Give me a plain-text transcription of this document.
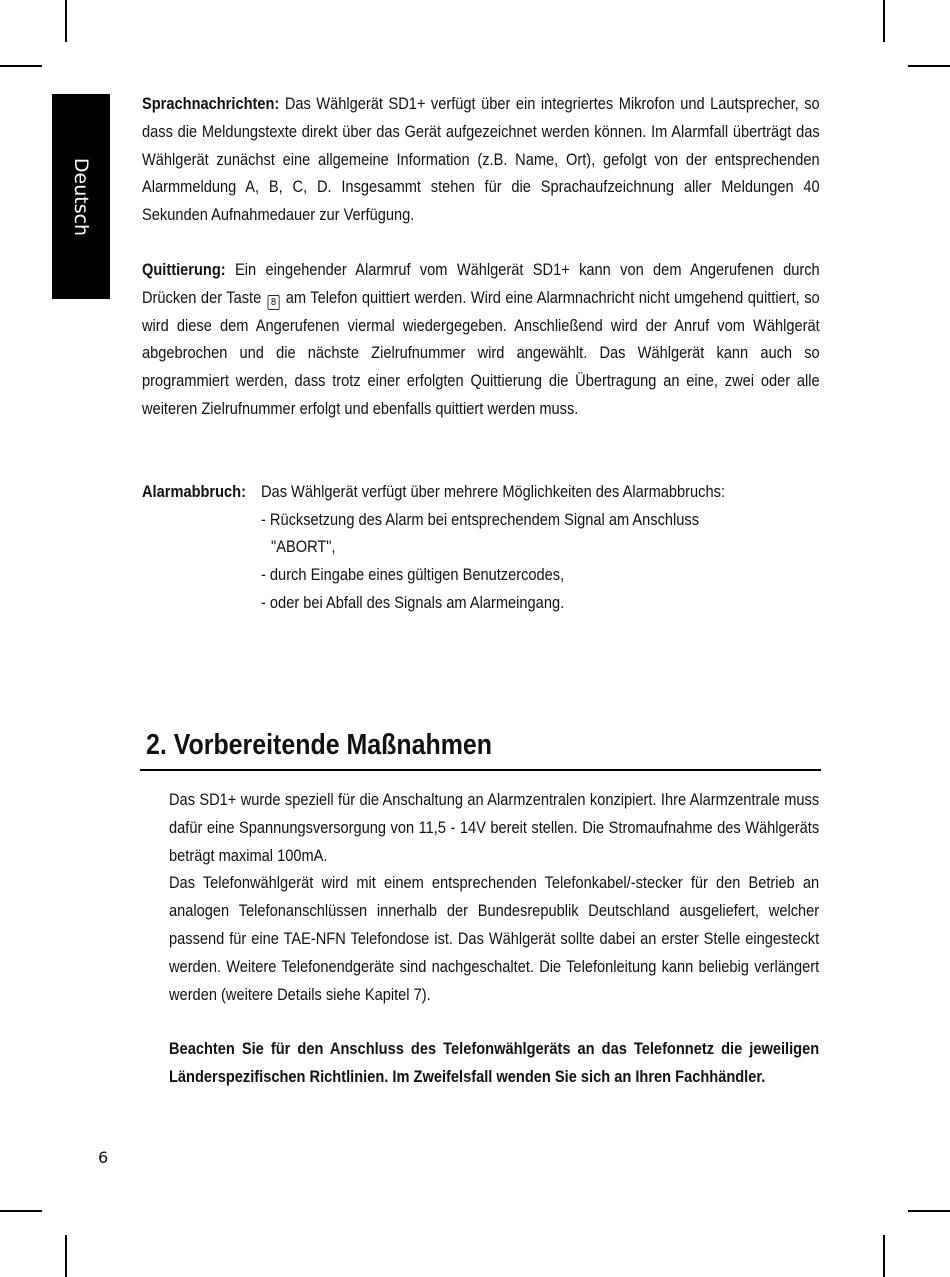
Deutsch
Sprachnachrichten: Das Wählgerät SD1+ verfügt über ein integriertes Mikrofon und Lautsprecher, so dass die Meldungstexte direkt über das Gerät aufgezeichnet werden können. Im Alarmfall überträgt das Wählgerät zunächst eine allgemeine Information (z.B. Name, Ort), gefolgt von der entsprechenden Alarmmeldung A, B, C, D. Insgesammt stehen für die Sprachaufzeichnung aller Meldungen 40 Sekunden Aufnahmedauer zur Verfügung.
Quittierung: Ein eingehender Alarmruf vom Wählgerät SD1+ kann von dem Angerufenen durch Drücken der Taste 8 am Telefon quittiert werden. Wird eine Alarmnachricht nicht umgehend quittiert, so wird diese dem Angerufenen viermal wiedergegeben. Anschließend wird der Anruf vom Wählgerät abgebrochen und die nächste Zielrufnummer wird angewählt. Das Wählgerät kann auch so programmiert werden, dass trotz einer erfolgten Quittierung die Übertragung an eine, zwei oder alle weiteren Zielrufnummer erfolgt und ebenfalls quittiert werden muss.
Alarmabbruch: Das Wählgerät verfügt über mehrere Möglichkeiten des Alarmabbruchs:
- Rücksetzung des Alarm bei entsprechendem Signal am Anschluss
"ABORT",
- durch Eingabe eines gültigen Benutzercodes,
- oder bei Abfall des Signals am Alarmeingang.
2. Vorbereitende Maßnahmen
Das SD1+ wurde speziell für die Anschaltung an Alarmzentralen konzipiert. Ihre Alarmzentrale muss dafür eine Spannungsversorgung von 11,5 - 14V bereit stellen. Die Stromaufnahme des Wählgeräts beträgt maximal 100mA.
Das Telefonwählgerät wird mit einem entsprechenden Telefonkabel/-stecker für den Betrieb an analogen Telefonanschlüssen innerhalb der Bundesrepublik Deutschland ausgeliefert, welcher passend für eine TAE-NFN Telefondose ist. Das Wählgerät sollte dabei an erster Stelle eingesteckt werden. Weitere Telefonendgeräte sind nachgeschaltet. Die Telefonleitung kann beliebig verlängert werden (weitere Details siehe Kapitel 7).
Beachten Sie für den Anschluss des Telefonwählgeräts an das Telefonnetz die jeweiligen Länderspezifischen Richtlinien. Im Zweifelsfall wenden Sie sich an Ihren Fachhändler.
6
